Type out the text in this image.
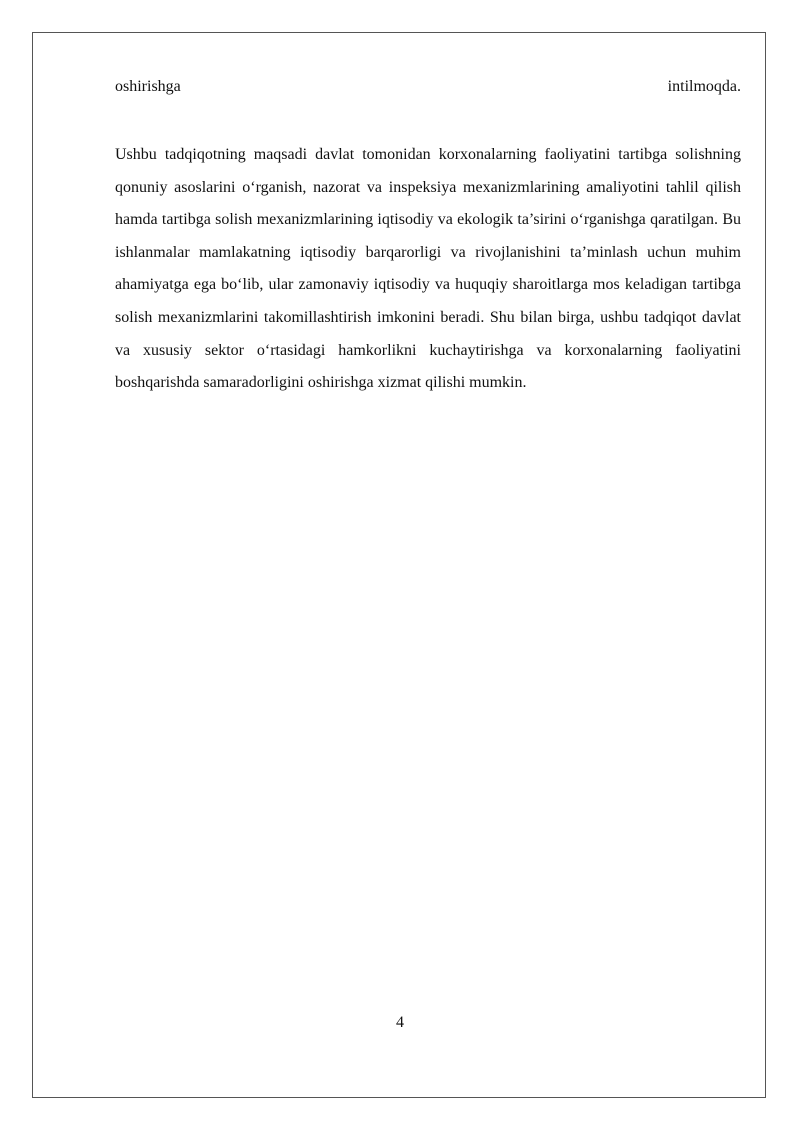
oshirishga	intilmoqda.

Ushbu tadqiqotning maqsadi davlat tomonidan korxonalarning faoliyatini tartibga solishning qonuniy asoslarini o‘rganish, nazorat va inspeksiya mexanizmlarining amaliyotini tahlil qilish hamda tartibga solish mexanizmlarining iqtisodiy va ekologik ta’sirini o‘rganishga qaratilgan. Bu ishlanmalar mamlakatning iqtisodiy barqarorligi va rivojlanishini ta’minlash uchun muhim ahamiyatga ega bo‘lib, ular zamonaviy iqtisodiy va huquqiy sharoitlarga mos keladigan tartibga solish mexanizmlarini takomillashtirish imkonini beradi. Shu bilan birga, ushbu tadqiqot davlat va xususiy sektor o‘rtasidagi hamkorlikni kuchaytirishga va korxonalarning faoliyatini boshqarishda samaradorligini oshirishga xizmat qilishi mumkin.

4
